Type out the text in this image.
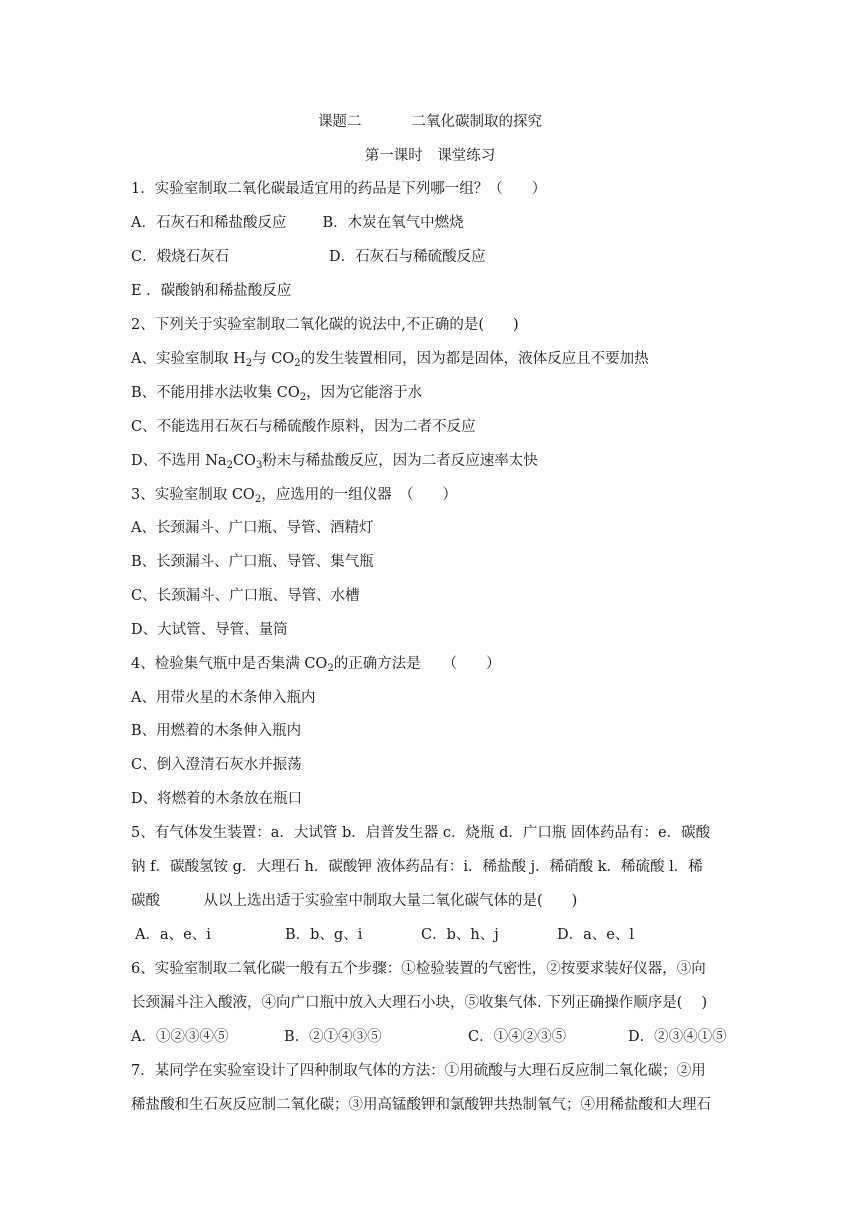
课题二	二氧化碳制取的探究
第一课时　课堂练习
1．实验室制取二氧化碳最适宜用的药品是下列哪一组？（　　）
A．石灰石和稀盐酸反应 B．木炭在氧气中燃烧
C．煅烧石灰石	D．石灰石与稀硫酸反应
E ．碳酸钠和稀盐酸反应
2、下列关于实验室制取二氧化碳的说法中,不正确的是(　　)
A、实验室制取 $H_2$与 $CO_2$的发生装置相同，因为都是固体，液体反应且不要加热
B、不能用排水法收集 $CO_2$，因为它能溶于水
C、不能选用石灰石与稀硫酸作原料，因为二者不反应
D、不选用 $Na_2CO_3$粉末与稀盐酸反应，因为二者反应速率太快
3、实验室制取 $CO_2$，应选用的一组仪器　（　　）
A、长颈漏斗、广口瓶、导管、酒精灯
B、长颈漏斗、广口瓶、导管、集气瓶
C、长颈漏斗、广口瓶、导管、水槽
D、大试管、导管、量筒
4、检验集气瓶中是否集满 $CO_2$的正确方法是　　（　　）
A、用带火星的木条伸入瓶内
B、用燃着的木条伸入瓶内
C、倒入澄清石灰水并振荡
D、将燃着的木条放在瓶口
5、有气体发生装置：a．大试管 b．启普发生器 c．烧瓶 d．广口瓶 固体药品有：e．碳酸
钠 f．碳酸氢铵 g．大理石 h．碳酸钾 液体药品有：i．稀盐酸 j．稀硝酸 k．稀硫酸 l．稀
碳酸　　　从以上选出适于实验室中制取大量二氧化碳气体的是(　　)
A．a、e、i	B．b、g、i	C．b、h、j	D．a、e、l
6、实验室制取二氧化碳一般有五个步骤：①检验装置的气密性，②按要求装好仪器，③向
长颈漏斗注入酸液，④向广口瓶中放入大理石小块，⑤收集气体. 下列正确操作顺序是(　 )
A．①②③④⑤	B．②①④③⑤	C．①④②③⑤	D．②③④①⑤
7．某同学在实验室设计了四种制取气体的方法：①用硫酸与大理石反应制二氧化碳；②用
稀盐酸和生石灰反应制二氧化碳；③用高锰酸钾和氯酸钾共热制氧气；④用稀盐酸和大理石
